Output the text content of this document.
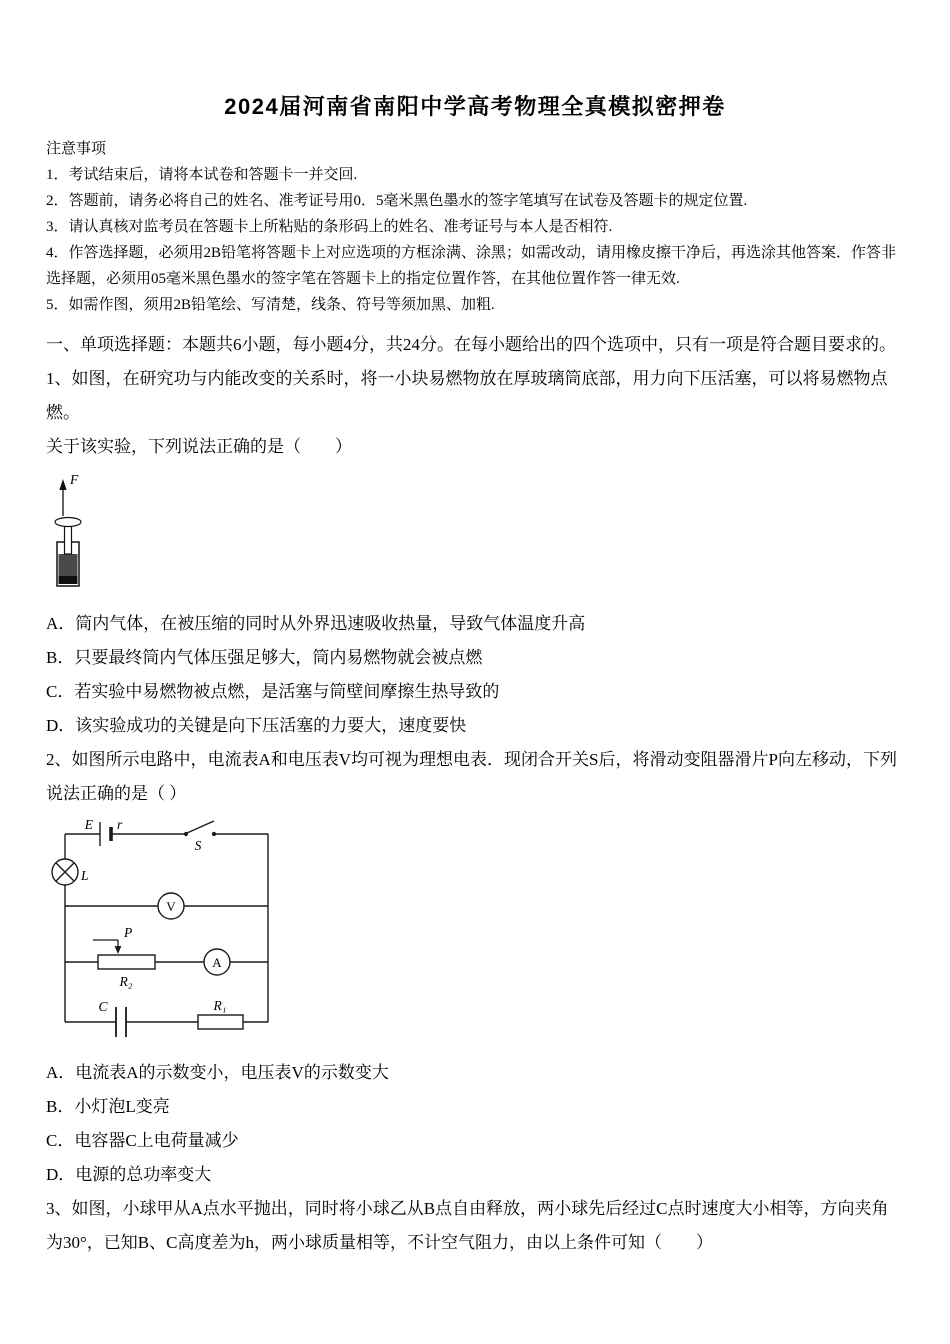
2024届河南省南阳中学高考物理全真模拟密押卷

注意事项

1．考试结束后，请将本试卷和答题卡一并交回.

2．答题前，请务必将自己的姓名、准考证号用0．5毫米黑色墨水的签字笔填写在试卷及答题卡的规定位置.

3．请认真核对监考员在答题卡上所粘贴的条形码上的姓名、准考证号与本人是否相符.

4．作答选择题，必须用2B铅笔将答题卡上对应选项的方框涂满、涂黑；如需改动，请用橡皮擦干净后，再选涂其他答案．作答非选择题，必须用05毫米黑色墨水的签字笔在答题卡上的指定位置作答，在其他位置作答一律无效.

5．如需作图，须用2B铅笔绘、写清楚，线条、符号等须加黑、加粗.

一、单项选择题：本题共6小题，每小题4分，共24分。在每小题给出的四个选项中，只有一项是符合题目要求的。

1、如图，在研究功与内能改变的关系时，将一小块易燃物放在厚玻璃筒底部，用力向下压活塞，可以将易燃物点燃。

关于该实验，下列说法正确的是（　　）

F

A．筒内气体，在被压缩的同时从外界迅速吸收热量，导致气体温度升高

B．只要最终筒内气体压强足够大，筒内易燃物就会被点燃

C．若实验中易燃物被点燃，是活塞与筒壁间摩擦生热导致的

D．该实验成功的关键是向下压活塞的力要大，速度要快

2、如图所示电路中，电流表A和电压表V均可视为理想电表．现闭合开关S后，将滑动变阻器滑片P向左移动，下列说法正确的是（ ）

E r
S
L
V
P
R₂
A
C	R₁

A．电流表A的示数变小，电压表V的示数变大

B．小灯泡L变亮

C．电容器C上电荷量减少

D．电源的总功率变大

3、如图，小球甲从A点水平抛出，同时将小球乙从B点自由释放，两小球先后经过C点时速度大小相等，方向夹角为30°，已知B、C高度差为h，两小球质量相等，不计空气阻力，由以上条件可知（　　）
